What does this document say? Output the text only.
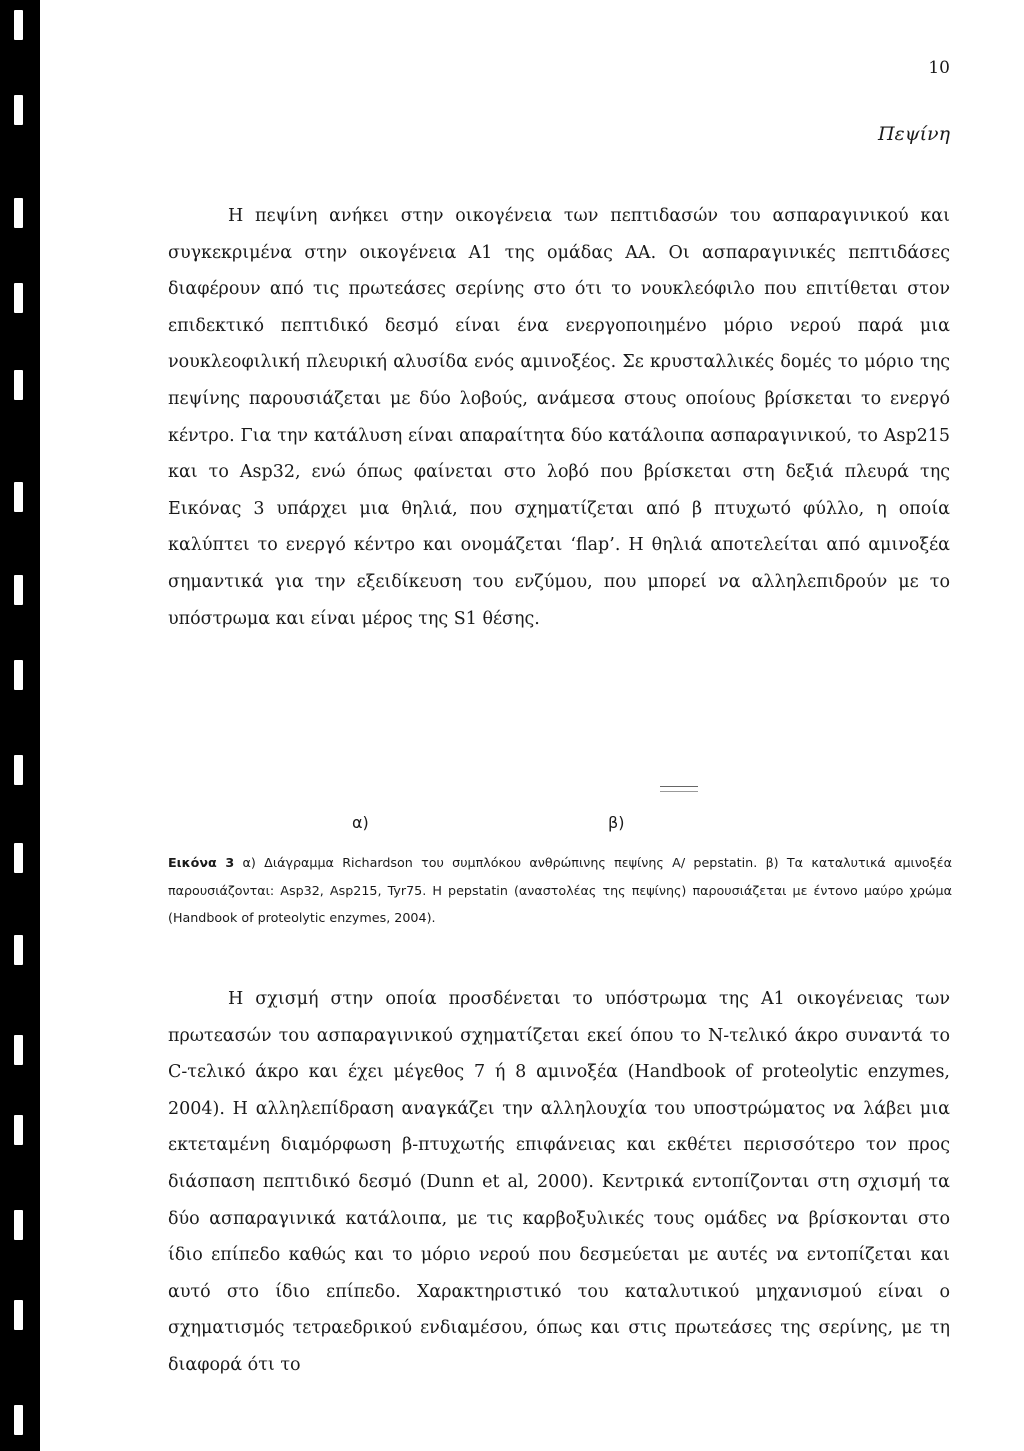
10
Πεψίνη

Η πεψίνη ανήκει στην οικογένεια των πεπτιδασών του ασπαραγινικού και συγκεκριμένα στην οικογένεια Α1 της ομάδας ΑΑ. Οι ασπαραγινικές πεπτιδάσες διαφέρουν από τις πρωτεάσες σερίνης στο ότι το νουκλεόφιλο που επιτίθεται στον επιδεκτικό πεπτιδικό δεσμό είναι ένα ενεργοποιημένο μόριο νερού παρά μια νουκλεοφιλική πλευρική αλυσίδα ενός αμινοξέος. Σε κρυσταλλικές δομές το μόριο της πεψίνης παρουσιάζεται με δύο λοβούς, ανάμεσα στους οποίους βρίσκεται το ενεργό κέντρο. Για την κατάλυση είναι απαραίτητα δύο κατάλοιπα ασπαραγινικού, το Asp215 και το Asp32, ενώ όπως φαίνεται στο λοβό που βρίσκεται στη δεξιά πλευρά της Εικόνας 3 υπάρχει μια θηλιά, που σχηματίζεται από β πτυχωτό φύλλο, η οποία καλύπτει το ενεργό κέντρο και ονομάζεται ‘flap’. Η θηλιά αποτελείται από αμινοξέα σημαντικά για την εξειδίκευση του ενζύμου, που μπορεί να αλληλεπιδρούν με το υπόστρωμα και είναι μέρος της S1 θέσης.

α)	β)

Εικόνα 3 α) Διάγραμμα Richardson του συμπλόκου ανθρώπινης πεψίνης Α/ pepstatin. β) Τα καταλυτικά αμινοξέα παρουσιάζονται: Asp32, Asp215, Tyr75. Η pepstatin (αναστολέας της πεψίνης) παρουσιάζεται με έντονο μαύρο χρώμα (Handbook of proteolytic enzymes, 2004).

Η σχισμή στην οποία προσδένεται το υπόστρωμα της Α1 οικογένειας των πρωτεασών του ασπαραγινικού σχηματίζεται εκεί όπου το Ν-τελικό άκρο συναντά το C-τελικό άκρο και έχει μέγεθος 7 ή 8 αμινοξέα (Handbook of proteolytic enzymes, 2004). Η αλληλεπίδραση αναγκάζει την αλληλουχία του υποστρώματος να λάβει μια εκτεταμένη διαμόρφωση β-πτυχωτής επιφάνειας και εκθέτει περισσότερο τον προς διάσπαση πεπτιδικό δεσμό (Dunn et al, 2000). Κεντρικά εντοπίζονται στη σχισμή τα δύο ασπαραγινικά κατάλοιπα, με τις καρβοξυλικές τους ομάδες να βρίσκονται στο ίδιο επίπεδο καθώς και το μόριο νερού που δεσμεύεται με αυτές να εντοπίζεται και αυτό στο ίδιο επίπεδο. Χαρακτηριστικό του καταλυτικού μηχανισμού είναι ο σχηματισμός τετραεδρικού ενδιαμέσου, όπως και στις πρωτεάσες της σερίνης, με τη διαφορά ότι το
